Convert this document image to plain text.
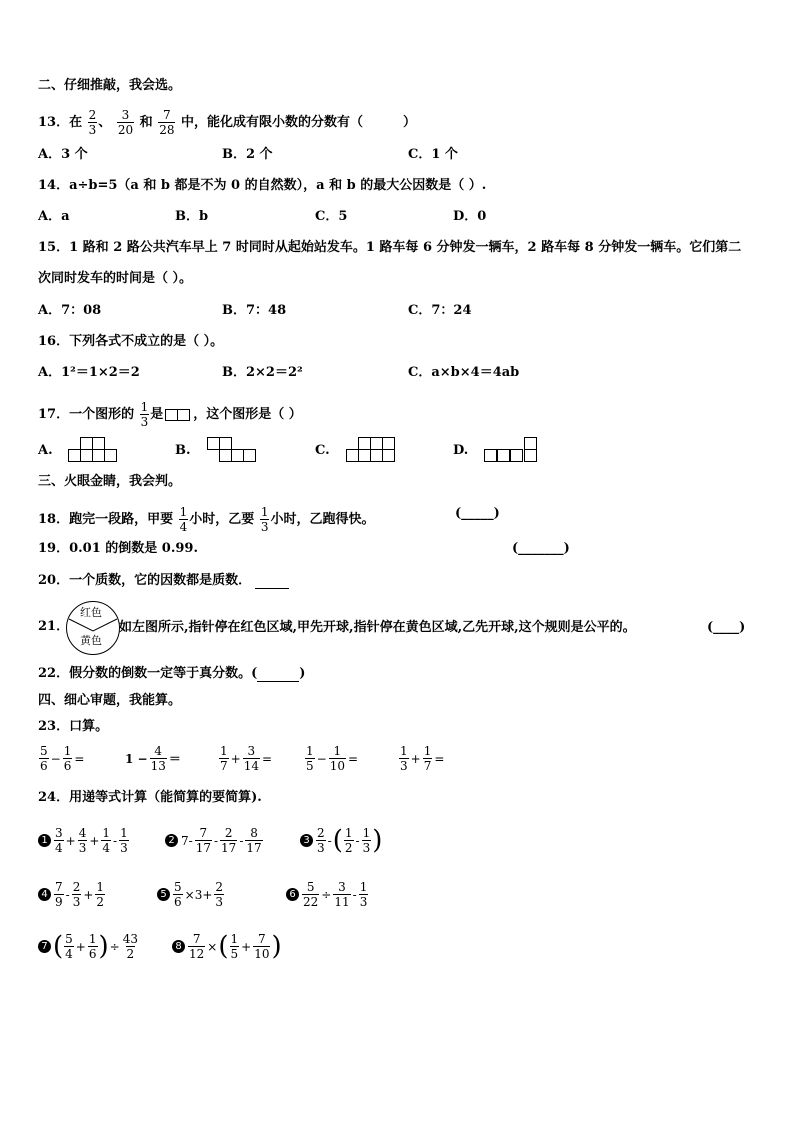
二、仔细推敲，我会选。
13．在 $\frac{2}{3}$ 、 $\frac{3}{20}$ 和 $\frac{7}{28}$ 中，能化成有限小数的分数有（	）
A．3 个	B．2 个	C．1 个
14．a÷b=5（a 和 b 都是不为 0 的自然数），a 和 b 的最大公因数是（ ）.
A．a	B．b	C．5	D．0
15．1 路和 2 路公共汽车早上 7 时同时从起始站发车。1 路车每 6 分钟发一辆车，2 路车每 8 分钟发一辆车。它们第二
次同时发车的时间是（ ）。
A．7：08	B．7：48	C．7：24
16．下列各式不成立的是（ ）。
A．1²＝1×2＝2	B．2×2＝2²	C．a×b×4＝4ab
17．一个图形的 $\frac{1}{3}$ 是 ，这个图形是（ ）
A.	B.	C.	D.
三、火眼金睛，我会判。
18．跑完一段路，甲要 $\frac{1}{4}$ 小时，乙要 $\frac{1}{3}$ 小时，乙跑得快。	(_____)
19．0.01 的倒数是 0.99.	(_______)
20．一个质数，它的因数都是质数．
21．
红色
黄色
如左图所示,指针停在红色区域,甲先开球,指针停在黄色区域,乙先开球,这个规则是公平的。	(____)
22．假分数的倒数一定等于真分数。(	)
四、细心审题，我能算。
23．口算。
$\frac{5}{6} - \frac{1}{6}$ =	$1 - \frac{4}{13}$ ＝	$\frac{1}{7} + \frac{3}{14}$ =	$\frac{1}{5} - \frac{1}{10}$ =	$\frac{1}{3} + \frac{1}{7}$ =
24．用递等式计算（能简算的要简算).
$1 \frac{3}{4} + \frac{4}{3} + \frac{1}{4} - \frac{1}{3}$	2 $7- \frac{7}{17} - \frac{2}{17} - \frac{8}{17}$	$3 \frac{2}{3}$ -( $\frac{1}{2} - \frac{1}{3}$ )
$4 \frac{7}{9} - \frac{2}{3} + \frac{1}{2}$	$5 \frac{5}{6} \times 3+ \frac{2}{3}$	$6 \frac{5}{22} \div \frac{3}{11} - \frac{1}{3}$
7 ( $\frac{5}{4} + \frac{1}{6}$ )÷ $\frac{43}{2}$	$8 \frac{7}{12}$ ×( $\frac{1}{5} + \frac{7}{10}$ )
